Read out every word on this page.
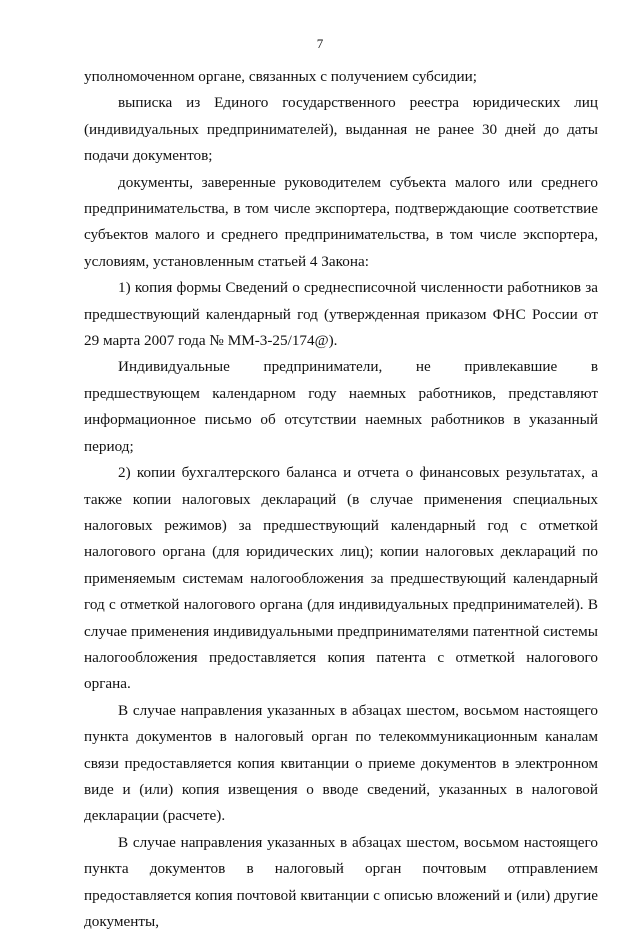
7

уполномоченном органе, связанных с получением субсидии;

выписка из Единого государственного реестра юридических лиц (индивидуальных предпринимателей), выданная не ранее 30 дней до даты подачи документов;

документы, заверенные руководителем субъекта малого или среднего предпринимательства, в том числе экспортера, подтверждающие соответствие субъектов малого и среднего предпринимательства, в том числе экспортера, условиям, установленным статьей 4 Закона:

1) копия формы Сведений о среднесписочной численности работников за предшествующий календарный год (утвержденная приказом ФНС России от 29 марта 2007 года № ММ-3-25/174@).

Индивидуальные предприниматели, не привлекавшие в предшествующем календарном году наемных работников, представляют информационное письмо об отсутствии наемных работников в указанный период;

2) копии бухгалтерского баланса и отчета о финансовых результатах, а также копии налоговых деклараций (в случае применения специальных налоговых режимов) за предшествующий календарный год с отметкой налогового органа (для юридических лиц); копии налоговых деклараций по применяемым системам налогообложения за предшествующий календарный год с отметкой налогового органа (для индивидуальных предпринимателей). В случае применения индивидуальными предпринимателями патентной системы налогообложения предоставляется копия патента с отметкой налогового органа.

В случае направления указанных в абзацах шестом, восьмом настоящего пункта документов в налоговый орган по телекоммуникационным каналам связи предоставляется копия квитанции о приеме документов в электронном виде и (или) копия извещения о вводе сведений, указанных в налоговой декларации (расчете).

В случае направления указанных в абзацах шестом, восьмом настоящего пункта документов в налоговый орган почтовым отправлением предоставляется копия почтовой квитанции с описью вложений и (или) другие документы,
